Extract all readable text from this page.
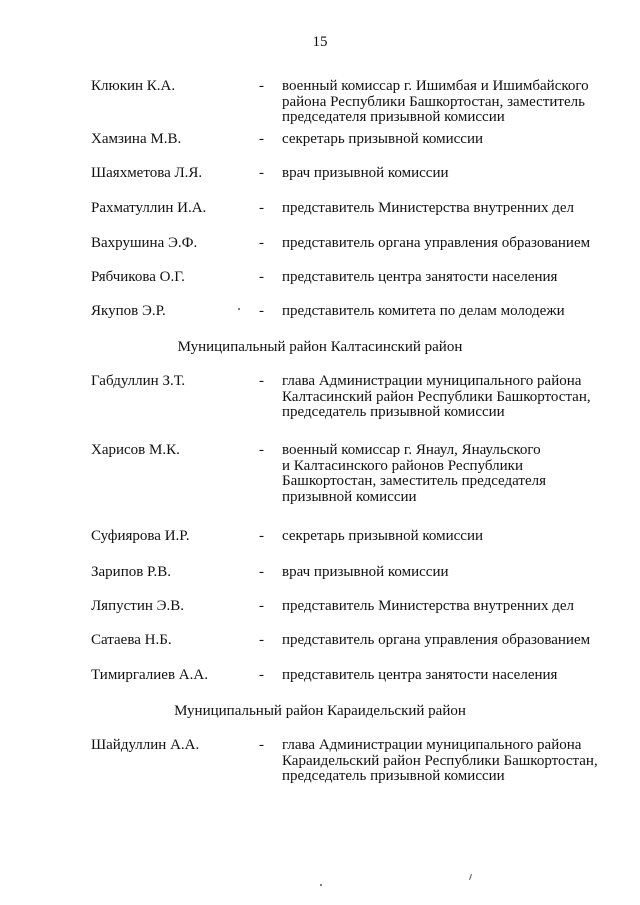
15
Клюкин К.А.	- военный комиссар г. Ишимбая и Ишимбайского
района Республики Башкортостан, заместитель
председателя призывной комиссии
Хамзина М.В.	- секретарь призывной комиссии
Шаяхметова Л.Я.	- врач призывной комиссии
Рахматуллин И.А.	- представитель Министерства внутренних дел
Вахрушина Э.Ф.	- представитель органа управления образованием
Рябчикова О.Г.	- представитель центра занятости населения
Якупов Э.Р.	- представитель комитета по делам молодежи
Муниципальный район Калтасинский район
Габдуллин З.Т.	- глава Администрации муниципального района
Калтасинский район Республики Башкортостан,
председатель призывной комиссии
Харисов М.К.	- военный комиссар г. Янаул, Янаульского
и Калтасинского районов Республики
Башкортостан, заместитель председателя
призывной комиссии
Суфиярова И.Р.	- секретарь призывной комиссии
Зарипов Р.В.	- врач призывной комиссии
Ляпустин Э.В.	- представитель Министерства внутренних дел
Сатаева Н.Б.	- представитель органа управления образованием
Тимиргалиев А.А.	- представитель центра занятости населения
Муниципальный район Караидельский район
Шайдуллин А.А.	- глава Администрации муниципального района
Караидельский район Республики Башкортостан,
председатель призывной комиссии
